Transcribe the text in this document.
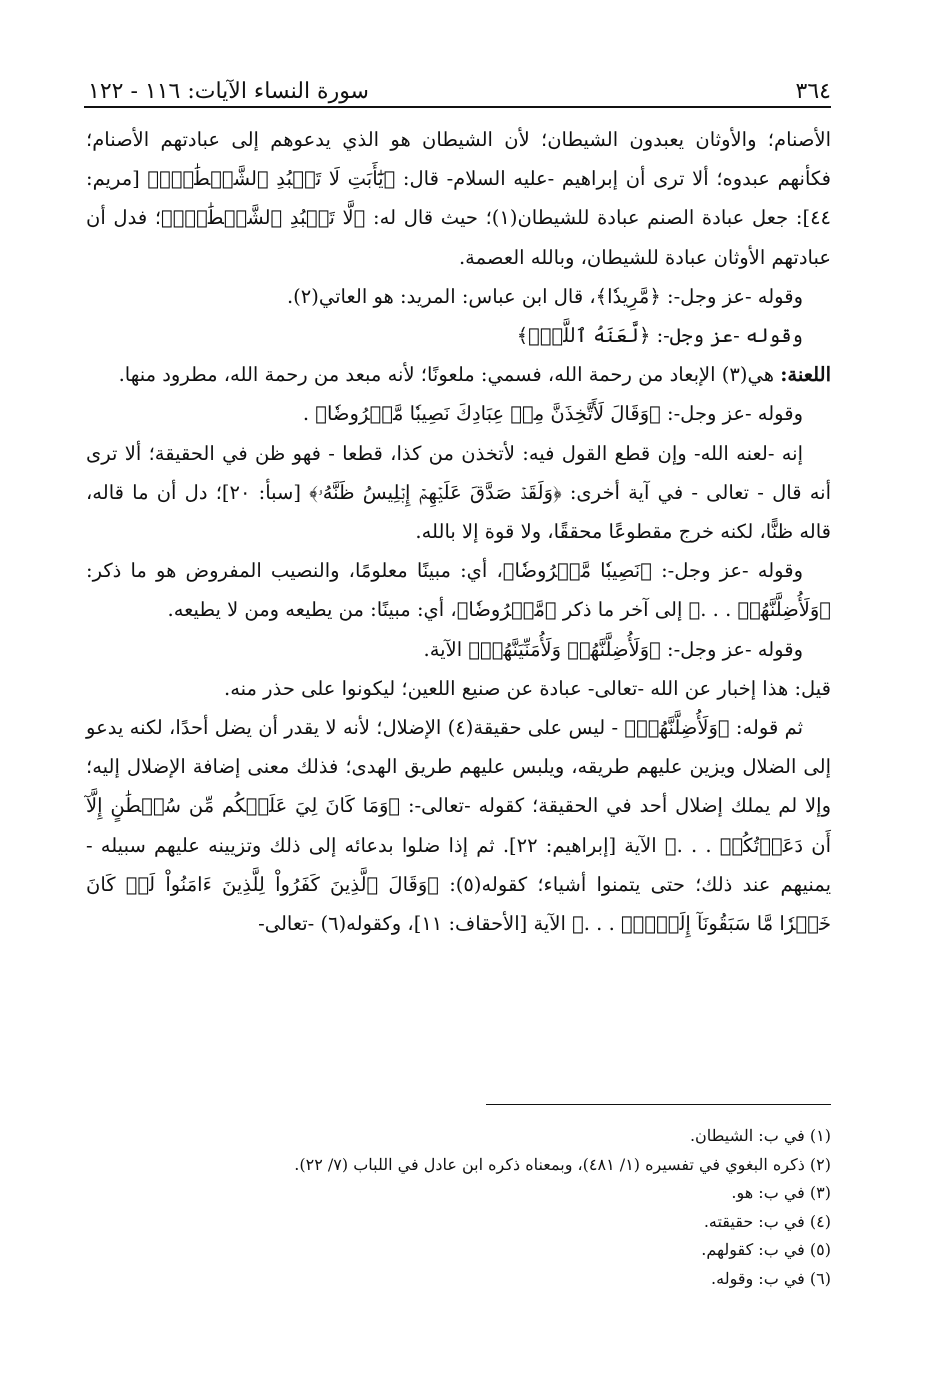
٣٦٤
سورة النساء الآيات: ١١٦ - ١٢٢

الأصنام؛ والأوثان يعبدون الشيطان؛ لأن الشيطان هو الذي يدعوهم إلى عبادتهم الأصنام؛ فكأنهم عبدوه؛ ألا ترى أن إبراهيم -عليه السلام- قال: ﴿يَٰٓأَبَتِ لَا تَعۡبُدِ ٱلشَّيۡطَٰنَۖ﴾ [مريم: ٤٤]: جعل عبادة الصنم عبادة للشيطان(١)؛ حيث قال له: ﴿لَّا تَعۡبُدِ ٱلشَّيۡطَٰنَۖ﴾؛ فدل أن عبادتهم الأوثان عبادة للشيطان، وبالله العصمة.

وقوله -عز وجل-: ﴿مَّرِيدٗا﴾، قال ابن عباس: المريد: هو العاتي(٢).

وقوله -عز وجل-: ﴿لَّعَنَهُ ٱللَّهُۘ﴾

اللعنة: هي(٣) الإبعاد من رحمة الله، فسمي: ملعونًا؛ لأنه مبعد من رحمة الله، مطرود منها.

وقوله -عز وجل-: ﴿وَقَالَ لَأَتَّخِذَنَّ مِنۡ عِبَادِكَ نَصِيبٗا مَّفۡرُوضٗا﴾ .

إنه -لعنه الله- وإن قطع القول فيه: لأتخذن من كذا، قطعا - فهو ظن في الحقيقة؛ ألا ترى أنه قال - تعالى - في آية أخرى: ﴿وَلَقَدۡ صَدَّقَ عَلَيۡهِمۡ إِبۡلِيسُ ظَنَّهُۥ﴾ [سبأ: ٢٠]؛ دل أن ما قاله، قاله ظنًّا، لكنه خرج مقطوعًا محققًا، ولا قوة إلا بالله.

وقوله -عز وجل-: ﴿نَصِيبٗا مَّفۡرُوضٗا﴾، أي: مبينًا معلومًا، والنصيب المفروض هو ما ذكر: ﴿وَلَأُضِلَّنَّهُمۡ . . .﴾ إلى آخر ما ذكر ﴿مَّفۡرُوضٗا﴾، أي: مبينًا: من يطيعه ومن لا يطيعه.

وقوله -عز وجل-: ﴿وَلَأُضِلَّنَّهُمۡ وَلَأُمَنِّيَنَّهُمۡ﴾ الآية.

قيل: هذا إخبار عن الله -تعالى- عبادة عن صنيع اللعين؛ ليكونوا على حذر منه.

ثم قوله: ﴿وَلَأُضِلَّنَّهُمۡ﴾ - ليس على حقيقة(٤) الإضلال؛ لأنه لا يقدر أن يضل أحدًا، لكنه يدعو إلى الضلال ويزين عليهم طريقه، ويلبس عليهم طريق الهدى؛ فذلك معنى إضافة الإضلال إليه؛ وإلا لم يملك إضلال أحد في الحقيقة؛ كقوله -تعالى-: ﴿وَمَا كَانَ لِيَ عَلَيۡكُم مِّن سُلۡطَٰنٍ إِلَّآ أَن دَعَوۡتُكُمۡ . . .﴾ الآية [إبراهيم: ٢٢]. ثم إذا ضلوا بدعائه إلى ذلك وتزيينه عليهم سبيله - يمنيهم عند ذلك؛ حتى يتمنوا أشياء؛ كقوله(٥): ﴿وَقَالَ ٱلَّذِينَ كَفَرُواْ لِلَّذِينَ ءَامَنُواْ لَوۡ كَانَ خَيۡرٗا مَّا سَبَقُونَآ إِلَيۡهِۚ . . .﴾ الآية [الأحقاف: ١١]، وكقوله(٦) -تعالى-

(١) في ب: الشيطان.
(٢) ذكره البغوي في تفسيره (١/ ٤٨١)، وبمعناه ذكره ابن عادل في اللباب (٧/ ٢٢).
(٣) في ب: هو.
(٤) في ب: حقيقته.
(٥) في ب: كقولهم.
(٦) في ب: وقوله.
